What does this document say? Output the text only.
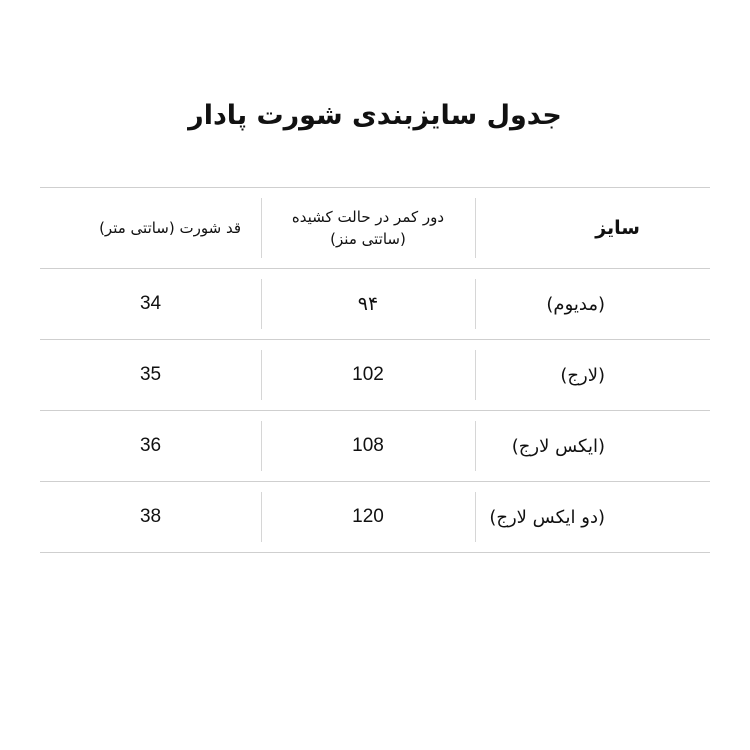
جدول سایزبندی شورت پادار
سایز
دور کمر در حالت کشیده
(ساتتی منز)
قد شورت (ساتتی متر)
(مدیوم)
۹۴
34
(لارج)
102
35
(ایکس لارج)
108
36
(دو ایکس لارج)
120
38
